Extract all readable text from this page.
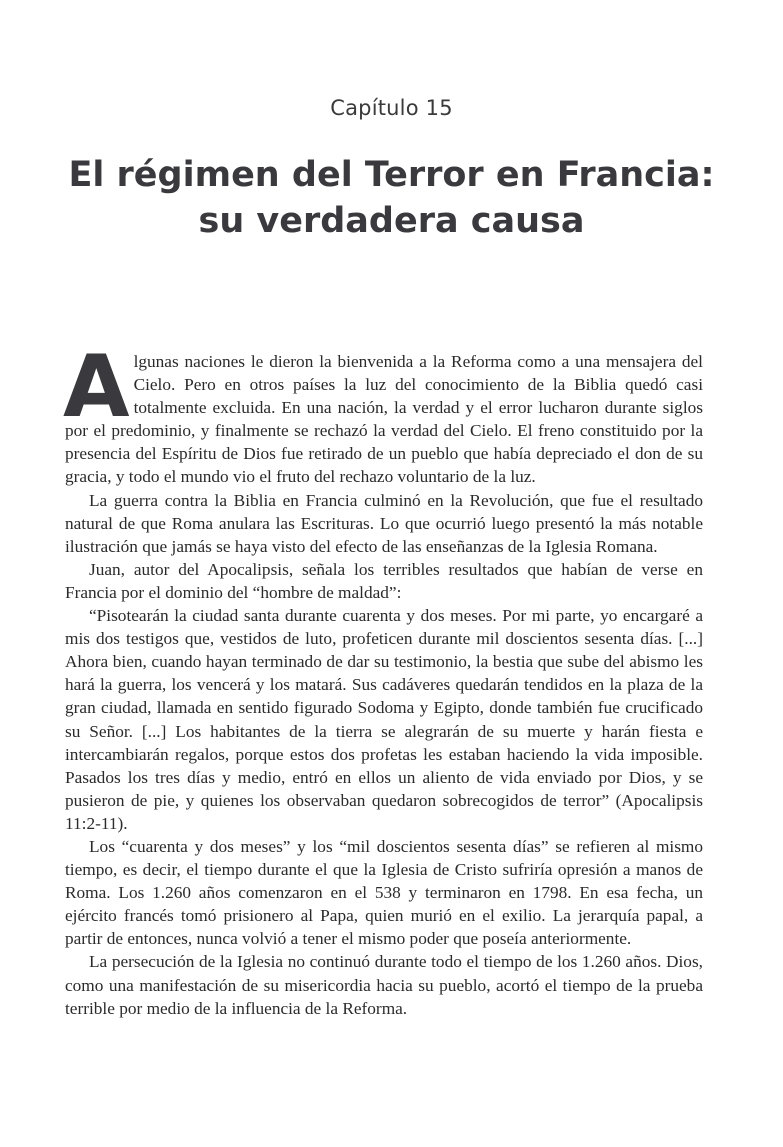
Capítulo 15
El régimen del Terror en Francia:
su verdadera causa

Algunas naciones le dieron la bienvenida a la Reforma como a una mensajera del Cielo. Pero en otros países la luz del conocimiento de la Biblia quedó casi totalmente excluida. En una nación, la verdad y el error lucharon durante siglos por el predominio, y finalmente se rechazó la verdad del Cielo. El freno constituido por la presencia del Espíritu de Dios fue retirado de un pueblo que había depreciado el don de su gracia, y todo el mundo vio el fruto del rechazo voluntario de la luz.

La guerra contra la Biblia en Francia culminó en la Revolución, que fue el resultado natural de que Roma anulara las Escrituras. Lo que ocurrió luego presentó la más notable ilustración que jamás se haya visto del efecto de las enseñanzas de la Iglesia Romana.

Juan, autor del Apocalipsis, señala los terribles resultados que habían de verse en Francia por el dominio del “hombre de maldad”:

“Pisotearán la ciudad santa durante cuarenta y dos meses. Por mi parte, yo encargaré a mis dos testigos que, vestidos de luto, profeticen durante mil doscientos sesenta días. [...] Ahora bien, cuando hayan terminado de dar su testimonio, la bestia que sube del abismo les hará la guerra, los vencerá y los matará. Sus cadáveres quedarán tendidos en la plaza de la gran ciudad, llamada en sentido figurado Sodoma y Egipto, donde también fue crucificado su Señor. [...] Los habitantes de la tierra se alegrarán de su muerte y harán fiesta e intercambiarán regalos, porque estos dos profetas les estaban haciendo la vida imposible. Pasados los tres días y medio, entró en ellos un aliento de vida enviado por Dios, y se pusieron de pie, y quienes los observaban quedaron sobrecogidos de terror” (Apocalipsis 11:2-11).

Los “cuarenta y dos meses” y los “mil doscientos sesenta días” se refieren al mismo tiempo, es decir, el tiempo durante el que la Iglesia de Cristo sufriría opresión a manos de Roma. Los 1.260 años comenzaron en el 538 y terminaron en 1798. En esa fecha, un ejército francés tomó prisionero al Papa, quien murió en el exilio. La jerarquía papal, a partir de entonces, nunca volvió a tener el mismo poder que poseía anteriormente.

La persecución de la Iglesia no continuó durante todo el tiempo de los 1.260 años. Dios, como una manifestación de su misericordia hacia su pueblo, acortó el tiempo de la prueba terrible por medio de la influencia de la Reforma.
